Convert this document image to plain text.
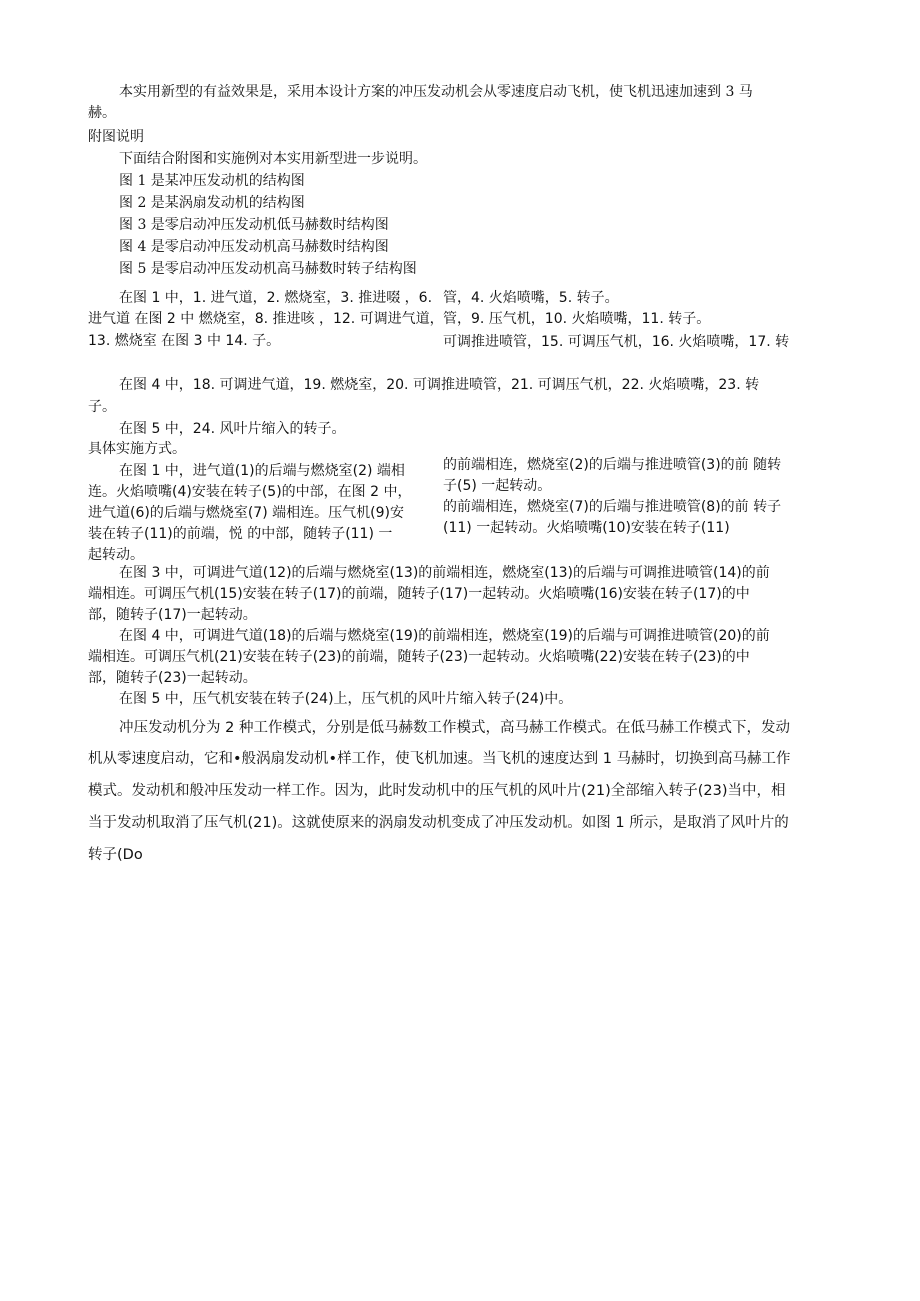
本实用新型的有益效果是，采用本设计方案的冲压发动机会从零速度启动飞机，使飞机迅速加速到 3 马
赫。
附图说明
下面结合附图和实施例对本实用新型进一步说明。
图 1 是某冲压发动机的结构图
图 2 是某涡扇发动机的结构图
图 3 是零启动冲压发动机低马赫数时结构图
图 4 是零启动冲压发动机高马赫数时结构图
图 5 是零启动冲压发动机高马赫数时转子结构图
在图 1 中，1. 进气道，2. 燃烧室，3. 推进啜 ，6. 管，4. 火焰喷嘴，5. 转子。
进气道 在图 2 中 燃烧室，8. 推进咳 ，12. 可调进气道， 管，9. 压气机，10. 火焰喷嘴，11. 转子。
13. 燃烧室 在图 3 中 14. 子。	可调推进喷管，15. 可调压气机，16. 火焰喷嘴，17. 转
在图 4 中，18. 可调进气道，19. 燃烧室，20. 可调推进喷管，21. 可调压气机，22. 火焰喷嘴，23. 转
子。
在图 5 中，24. 风叶片缩入的转子。
具体实施方式。
在图 1 中，进气道(1)的后端与燃烧室(2) 端相	的前端相连，燃烧室(2)的后端与推进喷管(3)的前 随转
连。火焰喷嘴(4)安装在转子(5)的中部，在图 2 中， 子(5) 一起转动。
进气道(6)的后端与燃烧室(7) 端相连。压气机(9)安	的前端相连，燃烧室(7)的后端与推进喷管(8)的前 转子
装在转子(11)的前端，悦 的中部，随转子(11) 一	(11) 一起转动。火焰喷嘴(10)安装在转子(11)
起转动。
在图 3 中，可调进气道(12)的后端与燃烧室(13)的前端相连，燃烧室(13)的后端与可调推进喷管(14)的前
端相连。可调压气机(15)安装在转子(17)的前端，随转子(17)一起转动。火焰喷嘴(16)安装在转子(17)的中
部，随转子(17)一起转动。
在图 4 中，可调进气道(18)的后端与燃烧室(19)的前端相连，燃烧室(19)的后端与可调推进喷管(20)的前
端相连。可调压气机(21)安装在转子(23)的前端，随转子(23)一起转动。火焰喷嘴(22)安装在转子(23)的中
部，随转子(23)一起转动。
在图 5 中，压气机安装在转子(24)上，压气机的风叶片缩入转子(24)中。
冲压发动机分为 2 种工作模式，分别是低马赫数工作模式，高马赫工作模式。在低马赫工作模式下，发动
机从零速度启动，它和•般涡扇发动机•样工作，使飞机加速。当飞机的速度达到 1 马赫时，切换到高马赫工作
模式。发动机和般冲压发动一样工作。因为，此时发动机中的压气机的风叶片(21)全部缩入转子(23)当中，相
当于发动机取消了压气机(21)。这就使原来的涡扇发动机变成了冲压发动机。如图 1 所示，是取消了风叶片的
转子(Do
